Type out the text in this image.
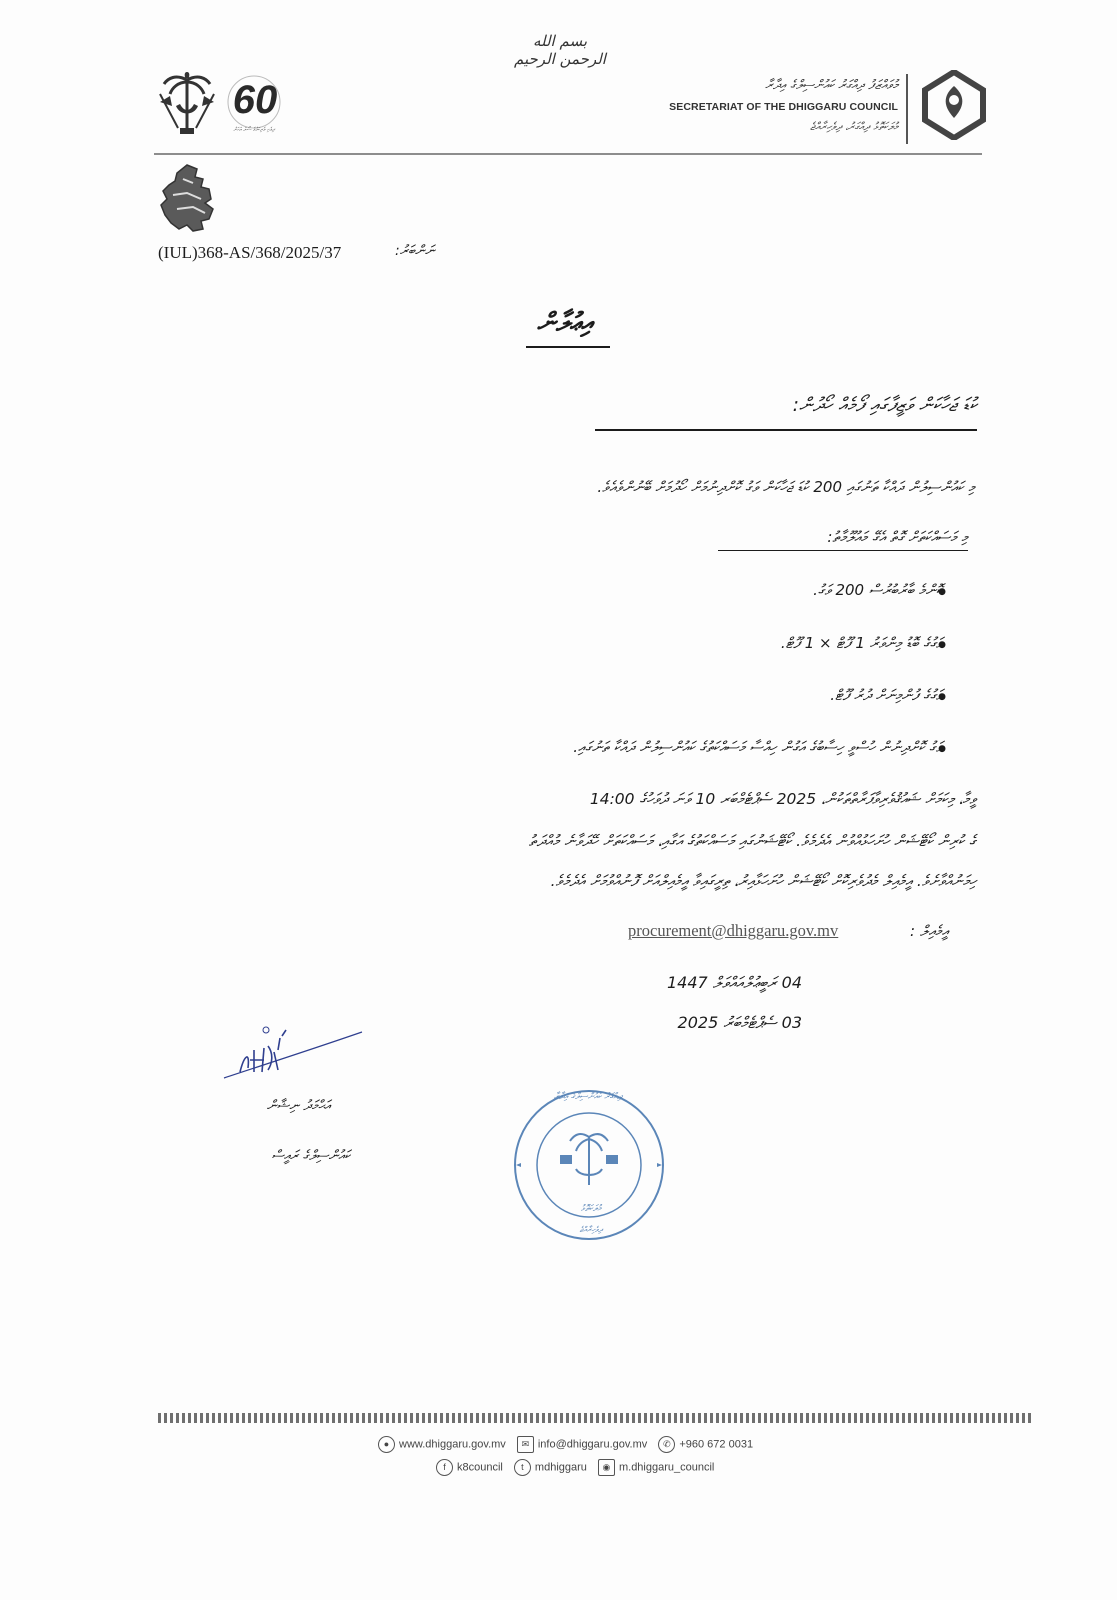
بسم الله الرحمن الرحيم
މުވައްޒަފު ދިއްގަރު ކައުންސިލްގެ އިދާރާ
SECRETARIAT OF THE DHIGGARU COUNCIL
މުލަކަތޮޅު ދިއްގަރު، ދިވެހިރާއްޖެ
60
ދިވެހި ވެރިކަމުގެ ސޯލަ އަހަރު
ނަންބަރު:
(IUL)368-AS/368/2025/37
އިޢުލާން
ކުޑަ ޖަހާކަން ވަޒީފާގައި ފޯމެއް ހޯދުން:
މި ކައުންސިލުން ދައްކާ ތަނުގައި 200 ކުޑަ ޖަހާކަން ވަގު ކޮށްދިނުމަށް ހޯދުމަށް ބޭނުންވެއެވެ.
މި މަސައްކަތަށް ގޮތް އެގޭ މައުލޫމާތު:
ކޮންމެ ބާރުބުރުސް 200 ވަގު. ●
ވަގުގެ ބޮޑު މިންވަރު 1 ފޫޓް × 1 ފޫޓް. ●
ވަގުގެ ފުންމިނަށް ދުރު ފޫޓް. ●
ވަގު ކޮށްދިނުން ހުސްވީ ހިސާބުގެ އަގުން ހިއްސާ މަސައްކަތުގެ ކައުންސިލުން ދައްކާ ތަނުގައި. ●
ވީމާ، މިކަމަށް ޝައުޤުވެރިވާފަރާތްތަކުން، 2025 ސެޕްޓެމްބަރ 10 ވަނަ ދުވަހުގެ 14:00
ގެ ކުރިން ކޯޓޭޝަން ހުށަހަޅުއްވުން އެދެމެވެ. ކޯޓޭޝަނުގައި މަސައްކަތުގެ އަގާއި، މަސައްކަތަށް ހޭދަވާނެ މުއްދަތު
ހިމަނުއްވާށެވެ. އީމެއިލް މެދުވެރިކޮށް ކޯޓޭޝަން ހުށަހަޅާއިރު، ތިރީގައިވާ އީމެއިލްއަށް ފޮނުއްވުމަށް އެދެމެވެ.
އީމެއިލް :
procurement@dhiggaru.gov.mv
04 ރަބީޢުލްއައްވަލް 1447
03 ސެޕްޓެމްބަރު 2025
އަޙްމަދު ނިޝާން
ކައުންސިލްގެ ރައީސް
ދިއްގަރު ކައުންސިލްގެ އިދާރާ
މުލަކަތޮޅު
ދިވެހިރާއްޖެ
● www.dhiggaru.gov.mv ✉ info@dhiggaru.gov.mv ✆ +960 672 0031
f k8council t mdhiggaru ◉ m.dhiggaru_council
